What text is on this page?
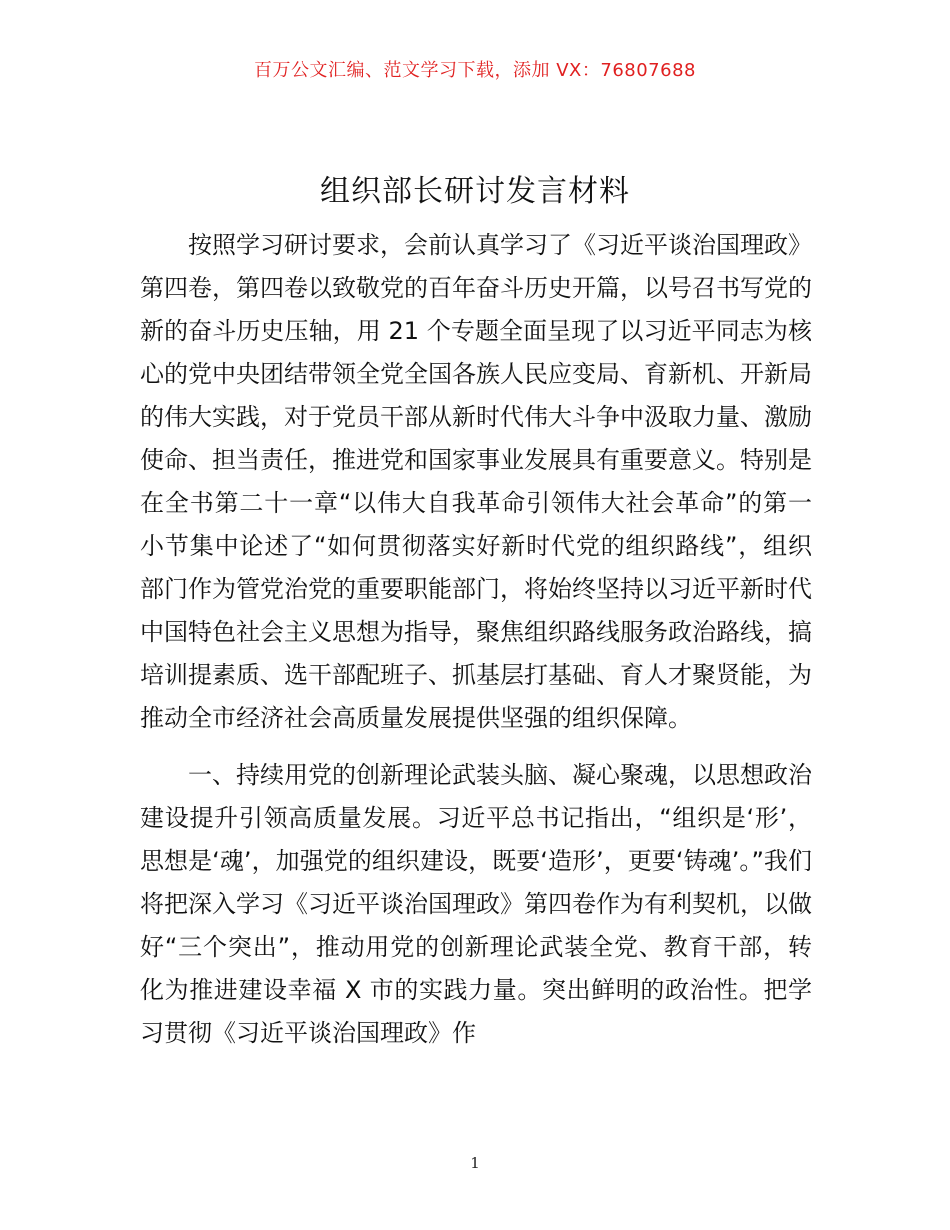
百万公文汇编、范文学习下载，添加 VX：76807688
组织部长研讨发言材料

按照学习研讨要求，会前认真学习了《习近平谈治国理政》第四卷，第四卷以致敬党的百年奋斗历史开篇，以号召书写党的新的奋斗历史压轴，用 21 个专题全面呈现了以习近平同志为核心的党中央团结带领全党全国各族人民应变局、育新机、开新局的伟大实践，对于党员干部从新时代伟大斗争中汲取力量、激励使命、担当责任，推进党和国家事业发展具有重要意义。特别是在全书第二十一章“以伟大自我革命引领伟大社会革命”的第一小节集中论述了“如何贯彻落实好新时代党的组织路线”，组织部门作为管党治党的重要职能部门，将始终坚持以习近平新时代中国特色社会主义思想为指导，聚焦组织路线服务政治路线，搞培训提素质、选干部配班子、抓基层打基础、育人才聚贤能，为推动全市经济社会高质量发展提供坚强的组织保障。

一、持续用党的创新理论武装头脑、凝心聚魂，以思想政治建设提升引领高质量发展。习近平总书记指出，“组织是‘形’，思想是‘魂’，加强党的组织建设，既要‘造形’，更要‘铸魂’。”我们将把深入学习《习近平谈治国理政》第四卷作为有利契机，以做好“三个突出”，推动用党的创新理论武装全党、教育干部，转化为推进建设幸福 X 市的实践力量。突出鲜明的政治性。把学习贯彻《习近平谈治国理政》作

1
